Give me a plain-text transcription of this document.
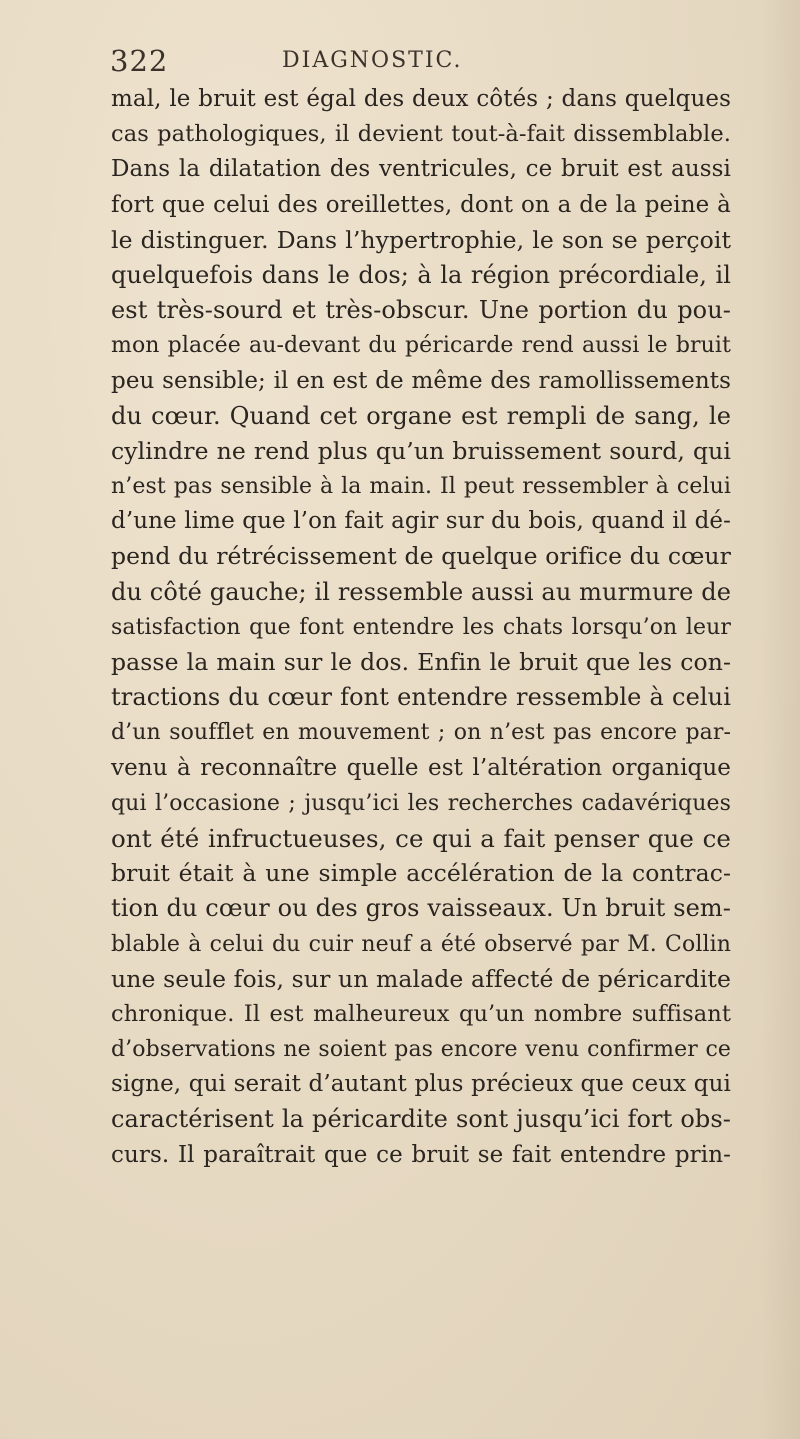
322	DIAGNOSTIC.
mal, le bruit est égal des deux côtés ; dans quelques
cas pathologiques, il devient tout-à-fait dissemblable.
Dans la dilatation des ventricules, ce bruit est aussi
fort que celui des oreillettes, dont on a de la peine à
le distinguer. Dans l’hypertrophie, le son se perçoit
quelquefois dans le dos; à la région précordiale, il
est très-sourd et très-obscur. Une portion du pou-
mon placée au-devant du péricarde rend aussi le bruit
peu sensible; il en est de même des ramollissements
du cœur. Quand cet organe est rempli de sang, le
cylindre ne rend plus qu’un bruissement sourd, qui
n’est pas sensible à la main. Il peut ressembler à celui
d’une lime que l’on fait agir sur du bois, quand il dé-
pend du rétrécissement de quelque orifice du cœur
du côté gauche; il ressemble aussi au murmure de
satisfaction que font entendre les chats lorsqu’on leur
passe la main sur le dos. Enfin le bruit que les con-
tractions du cœur font entendre ressemble à celui
d’un soufflet en mouvement ; on n’est pas encore par-
venu à reconnaître quelle est l’altération organique
qui l’occasione ; jusqu’ici les recherches cadavériques
ont été infructueuses, ce qui a fait penser que ce
bruit était à une simple accélération de la contrac-
tion du cœur ou des gros vaisseaux. Un bruit sem-
blable à celui du cuir neuf a été observé par M. Collin
une seule fois, sur un malade affecté de péricardite
chronique. Il est malheureux qu’un nombre suffisant
d’observations ne soient pas encore venu confirmer ce
signe, qui serait d’autant plus précieux que ceux qui
caractérisent la péricardite sont jusqu’ici fort obs-
curs. Il paraîtrait que ce bruit se fait entendre prin-
